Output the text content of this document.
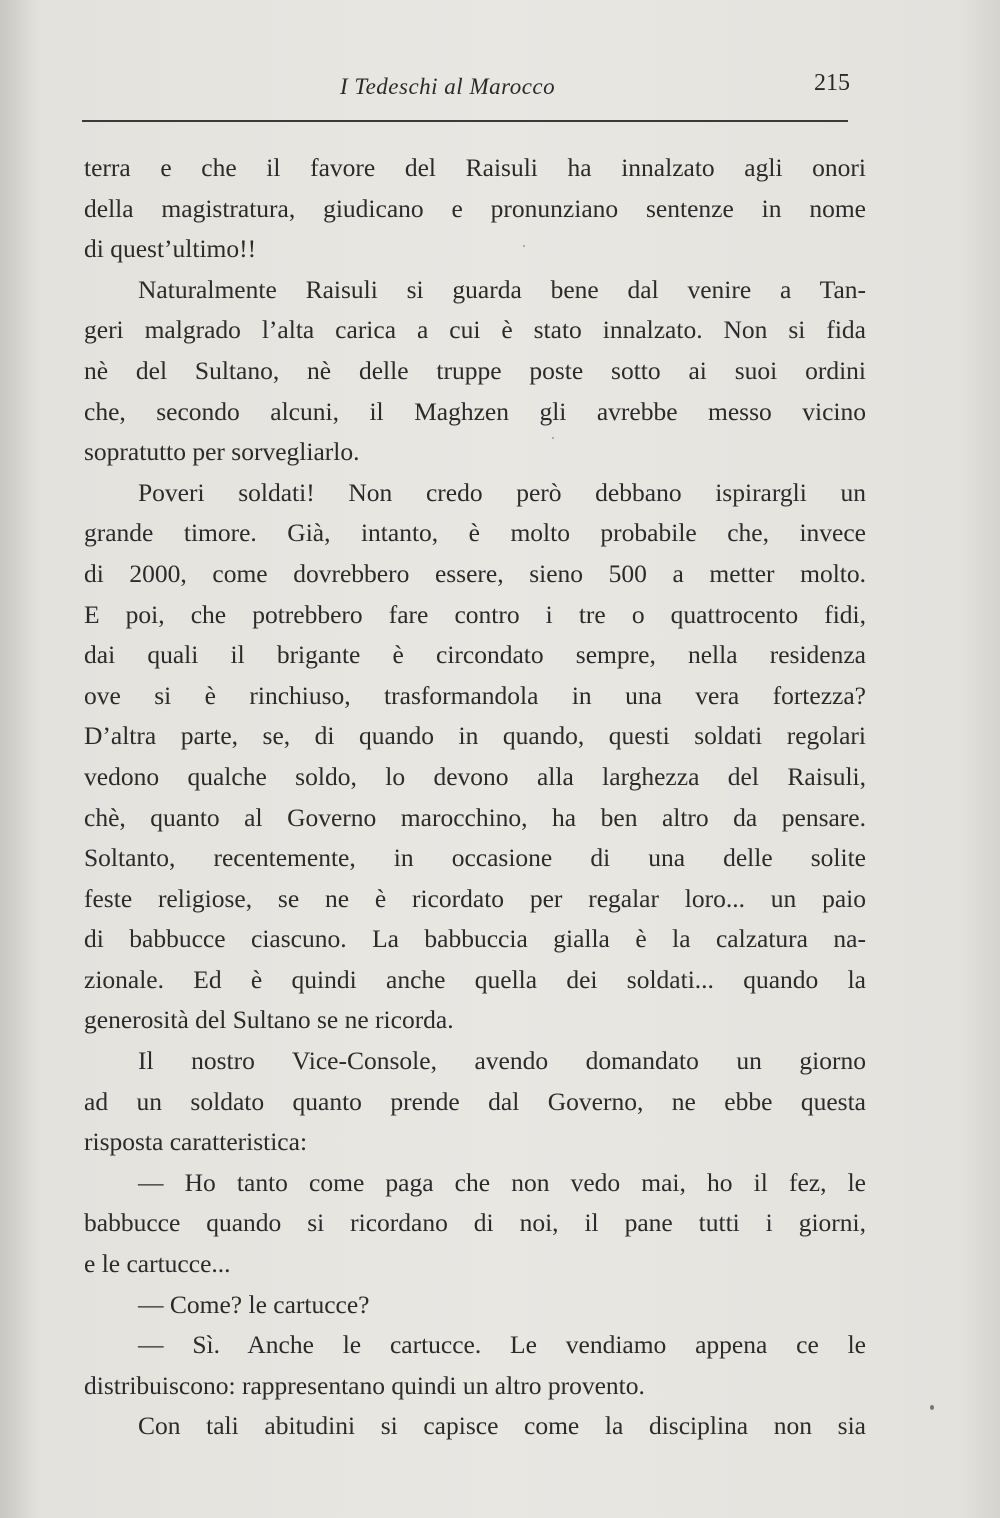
I Tedeschi al Marocco	215
terra e che il favore del Raisuli ha innalzato agli onori
della magistratura, giudicano e pronunziano sentenze in nome
di quest’ultimo!!
Naturalmente Raisuli si guarda bene dal venire a Tan-
geri malgrado l’alta carica a cui è stato innalzato. Non si fida
nè del Sultano, nè delle truppe poste sotto ai suoi ordini
che, secondo alcuni, il Maghzen gli avrebbe messo vicino
sopratutto per sorvegliarlo.
Poveri soldati! Non credo però debbano ispirargli un
grande timore. Già, intanto, è molto probabile che, invece
di 2000, come dovrebbero essere, sieno 500 a metter molto.
E poi, che potrebbero fare contro i tre o quattrocento fidi,
dai quali il brigante è circondato sempre, nella residenza
ove si è rinchiuso, trasformandola in una vera fortezza?
D’altra parte, se, di quando in quando, questi soldati regolari
vedono qualche soldo, lo devono alla larghezza del Raisuli,
chè, quanto al Governo marocchino, ha ben altro da pensare.
Soltanto, recentemente, in occasione di una delle solite
feste religiose, se ne è ricordato per regalar loro... un paio
di babbucce ciascuno. La babbuccia gialla è la calzatura na-
zionale. Ed è quindi anche quella dei soldati... quando la
generosità del Sultano se ne ricorda.
Il nostro Vice-Console, avendo domandato un giorno
ad un soldato quanto prende dal Governo, ne ebbe questa
risposta caratteristica:
— Ho tanto come paga che non vedo mai, ho il fez, le
babbucce quando si ricordano di noi, il pane tutti i giorni,
e le cartucce...
— Come? le cartucce?
— Sì. Anche le cartucce. Le vendiamo appena ce le
distribuiscono: rappresentano quindi un altro provento.
Con tali abitudini si capisce come la disciplina non sia
